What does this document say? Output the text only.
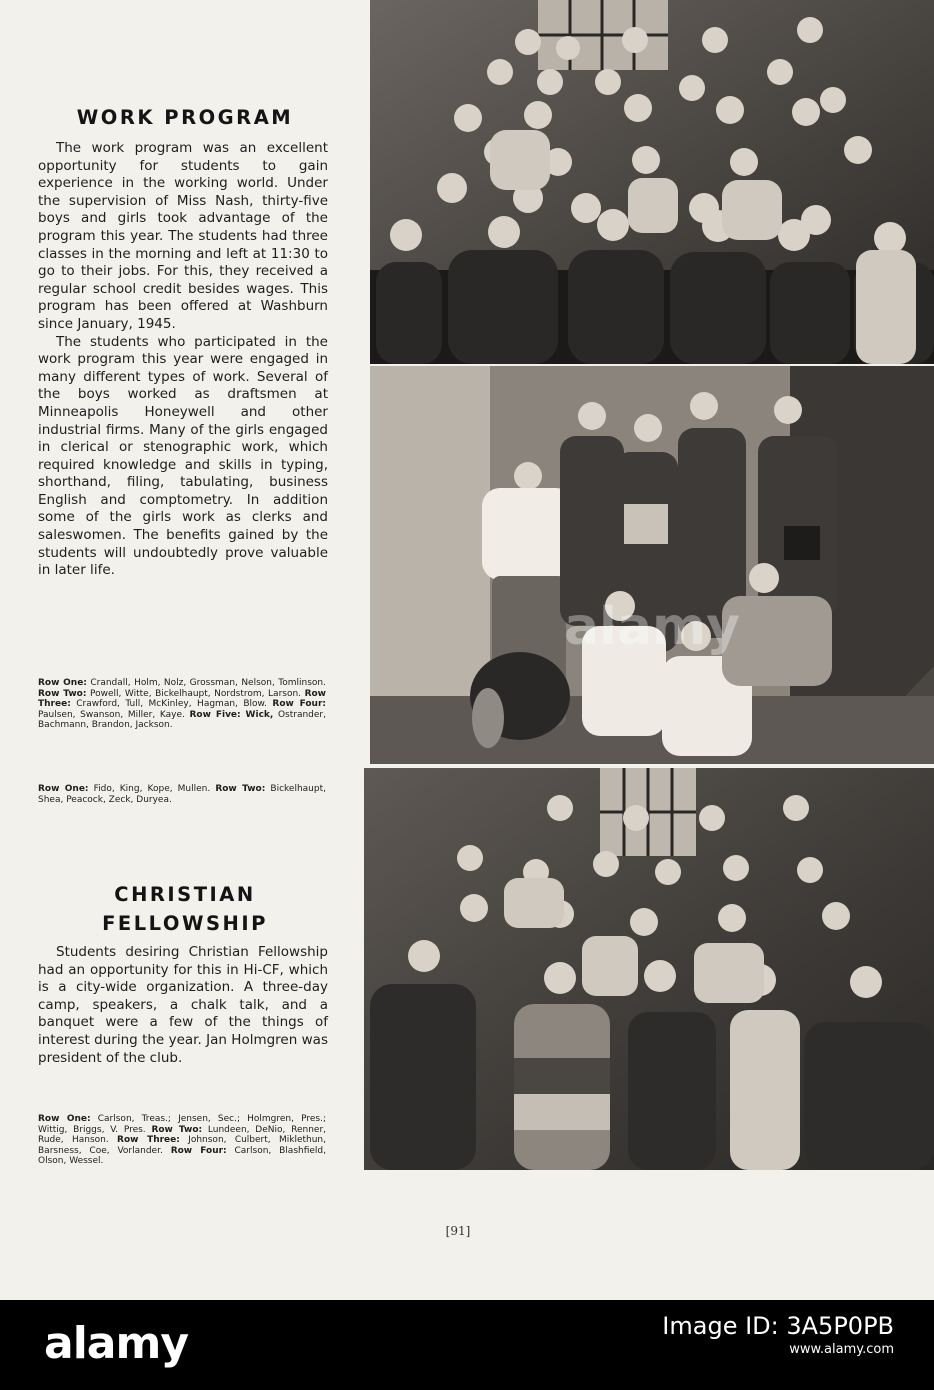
WORK PROGRAM

The work program was an excellent opportunity for students to gain experience in the working world. Under the supervision of Miss Nash, thirty-five boys and girls took advantage of the program this year. The students had three classes in the morning and left at 11:30 to go to their jobs. For this, they received a regular school credit besides wages. This program has been offered at Washburn since January, 1945.

The students who participated in the work program this year were engaged in many different types of work. Several of the boys worked as draftsmen at Minneapolis Honeywell and other industrial firms. Many of the girls engaged in clerical or stenographic work, which required knowledge and skills in typing, shorthand, filing, tabulating, business English and comptometry. In addition some of the girls work as clerks and saleswomen. The benefits gained by the students will undoubtedly prove valuable in later life.

Row One: Crandall, Holm, Nolz, Grossman, Nelson, Tomlinson. Row Two: Powell, Witte, Bickelhaupt, Nordstrom, Larson. Row Three: Crawford, Tull, McKinley, Hagman, Blow. Row Four: Paulsen, Swanson, Miller, Kaye. Row Five: Wick, Ostrander, Bachmann, Brandon, Jackson.
Row One: Fido, King, Kope, Mullen. Row Two: Bickelhaupt, Shea, Peacock, Zeck, Duryea.
CHRISTIAN
FELLOWSHIP

Students desiring Christian Fellowship had an opportunity for this in Hi-CF, which is a city-wide organization. A three-day camp, speakers, a chalk talk, and a banquet were a few of the things of interest during the year. Jan Holmgren was president of the club.

Row One: Carlson, Treas.; Jensen, Sec.; Holmgren, Pres.; Wittig, Briggs, V. Pres. Row Two: Lundeen, DeNio, Renner, Rude, Hanson. Row Three: Johnson, Culbert, Miklethun, Barsness, Coe, Vorlander. Row Four: Carlson, Blashfield, Olson, Wessel.
alamy
[91]
alamy	Image ID: 3A5P0PB
www.alamy.com
